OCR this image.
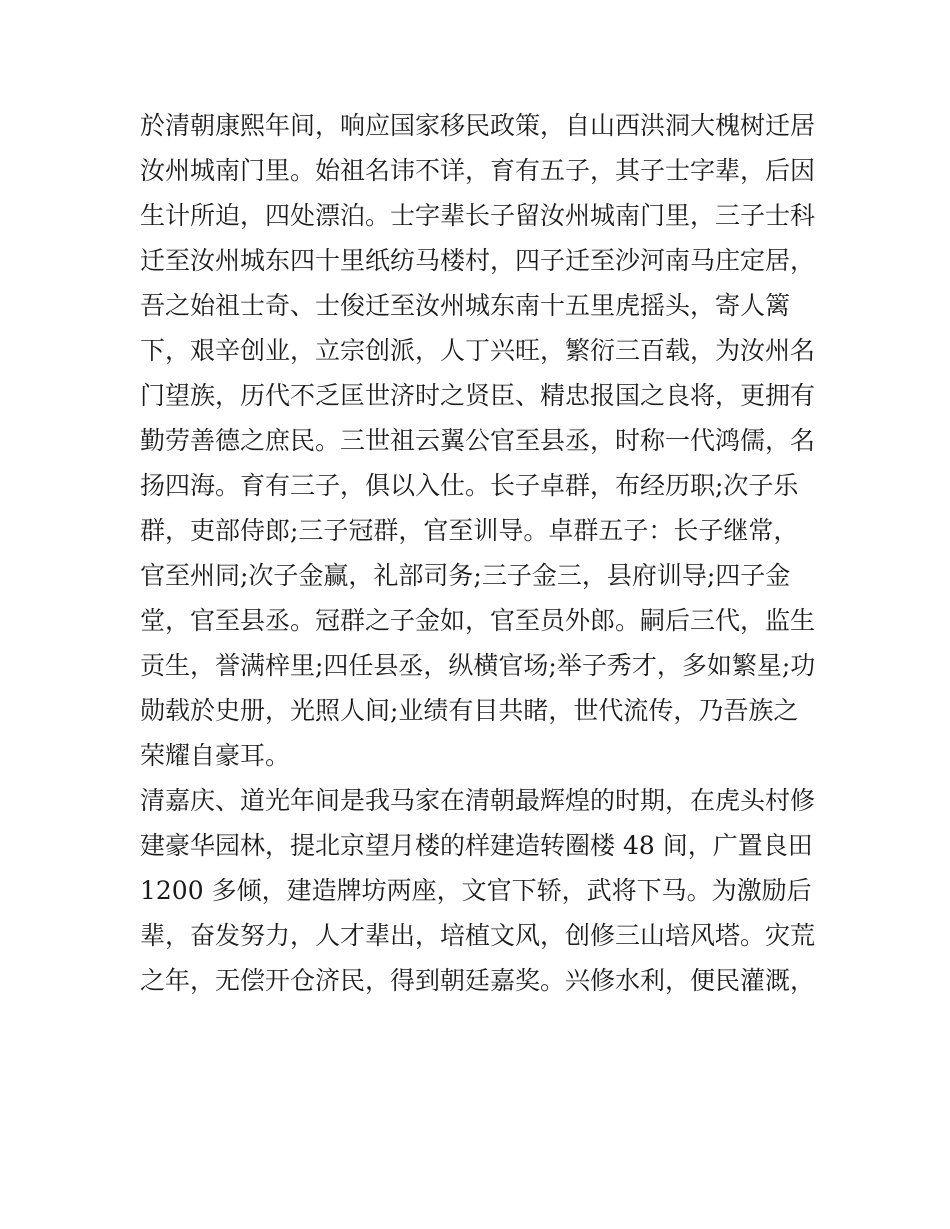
於清朝康熙年间，响应国家移民政策，自山西洪洞大槐树迁居
汝州城南门里。始祖名讳不详，育有五子，其子士字辈，后因
生计所迫，四处漂泊。士字辈长子留汝州城南门里，三子士科
迁至汝州城东四十里纸纺马楼村，四子迁至沙河南马庄定居，
吾之始祖士奇、士俊迁至汝州城东南十五里虎摇头，寄人篱
下，艰辛创业，立宗创派，人丁兴旺，繁衍三百载，为汝州名
门望族，历代不乏匡世济时之贤臣、精忠报国之良将，更拥有
勤劳善德之庶民。三世祖云翼公官至县丞，时称一代鸿儒，名
扬四海。育有三子，俱以入仕。长子卓群，布经历职;次子乐
群，吏部侍郎;三子冠群，官至训导。卓群五子：长子继常，
官至州同;次子金赢，礼部司务;三子金三，县府训导;四子金
堂，官至县丞。冠群之子金如，官至员外郎。嗣后三代，监生
贡生，誉满梓里;四任县丞，纵横官场;举子秀才，多如繁星;功
勋载於史册，光照人间;业绩有目共睹，世代流传，乃吾族之
荣耀自豪耳。
清嘉庆、道光年间是我马家在清朝最辉煌的时期，在虎头村修
建豪华园林，提北京望月楼的样建造转圈楼 48 间，广置良田
1200 多倾，建造牌坊两座，文官下轿，武将下马。为激励后
辈，奋发努力，人才辈出，培植文风，创修三山培风塔。灾荒
之年，无偿开仓济民，得到朝廷嘉奖。兴修水利，便民灌溉，
